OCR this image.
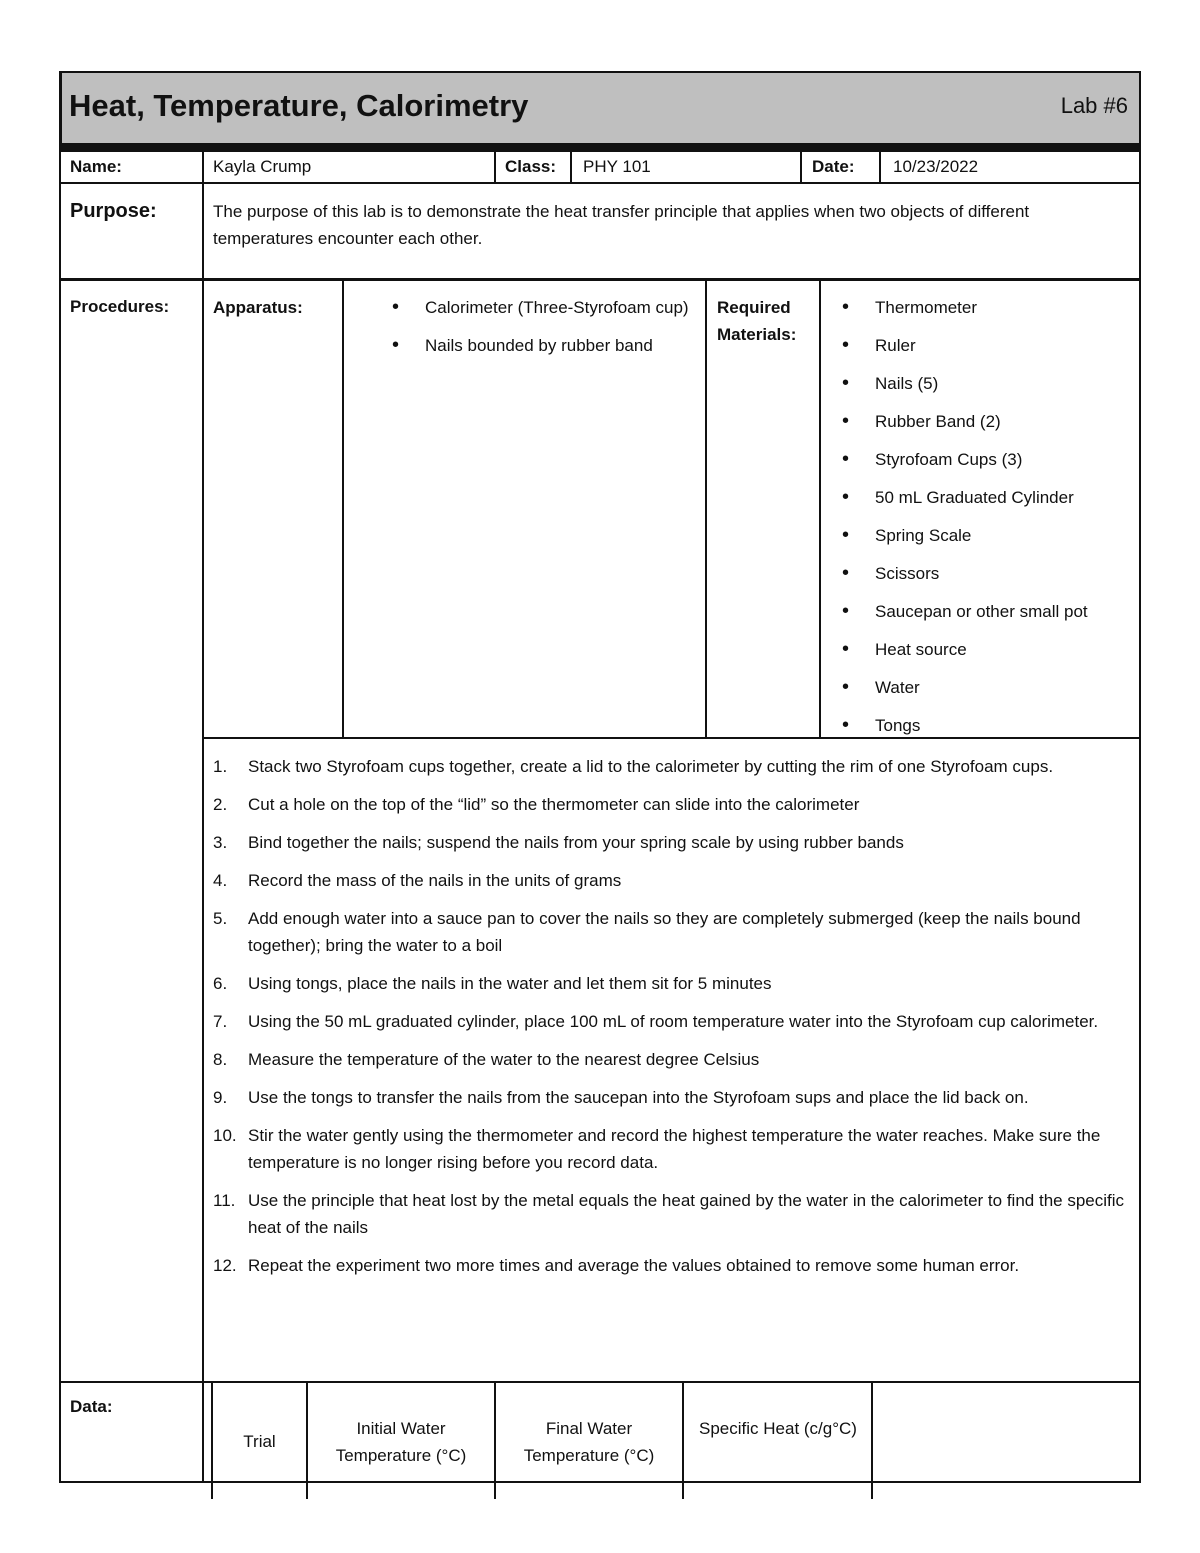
Heat, Temperature, Calorimetry	Lab #6
Name:	Kayla Crump	Class: PHY 101	Date: 10/23/2022
Purpose:	The purpose of this lab is to demonstrate the heat transfer principle that applies when two objects of different temperatures encounter each other.
Procedures:	Apparatus:
•	Calorimeter (Three-Styrofoam cup)
• Nails bounded by rubber band
Required Materials:
• Thermometer
• Ruler
• Nails (5)
• Rubber Band (2)
• Styrofoam Cups (3)
• 50 mL Graduated Cylinder
• Spring Scale
• Scissors
• Saucepan or other small pot
• Heat source
• Water
• Tongs
1. Stack two Styrofoam cups together, create a lid to the calorimeter by cutting the rim of one Styrofoam cups.
2. Cut a hole on the top of the “lid” so the thermometer can slide into the calorimeter
3. Bind together the nails; suspend the nails from your spring scale by using rubber bands
4. Record the mass of the nails in the units of grams
5. Add enough water into a sauce pan to cover the nails so they are completely submerged (keep the nails bound together); bring the water to a boil
6. Using tongs, place the nails in the water and let them sit for 5 minutes
7. Using the 50 mL graduated cylinder, place 100 mL of room temperature water into the Styrofoam cup calorimeter.
8. Measure the temperature of the water to the nearest degree Celsius
9. Use the tongs to transfer the nails from the saucepan into the Styrofoam sups and place the lid back on.
10. Stir the water gently using the thermometer and record the highest temperature the water reaches. Make sure the temperature is no longer rising before you record data.
11. Use the principle that heat lost by the metal equals the heat gained by the water in the calorimeter to find the specific heat of the nails
12. Repeat the experiment two more times and average the values obtained to remove some human error.
Data:
Trial
Initial Water Temperature (°C)
Final Water Temperature (°C)
Specific Heat (c/g°C)
